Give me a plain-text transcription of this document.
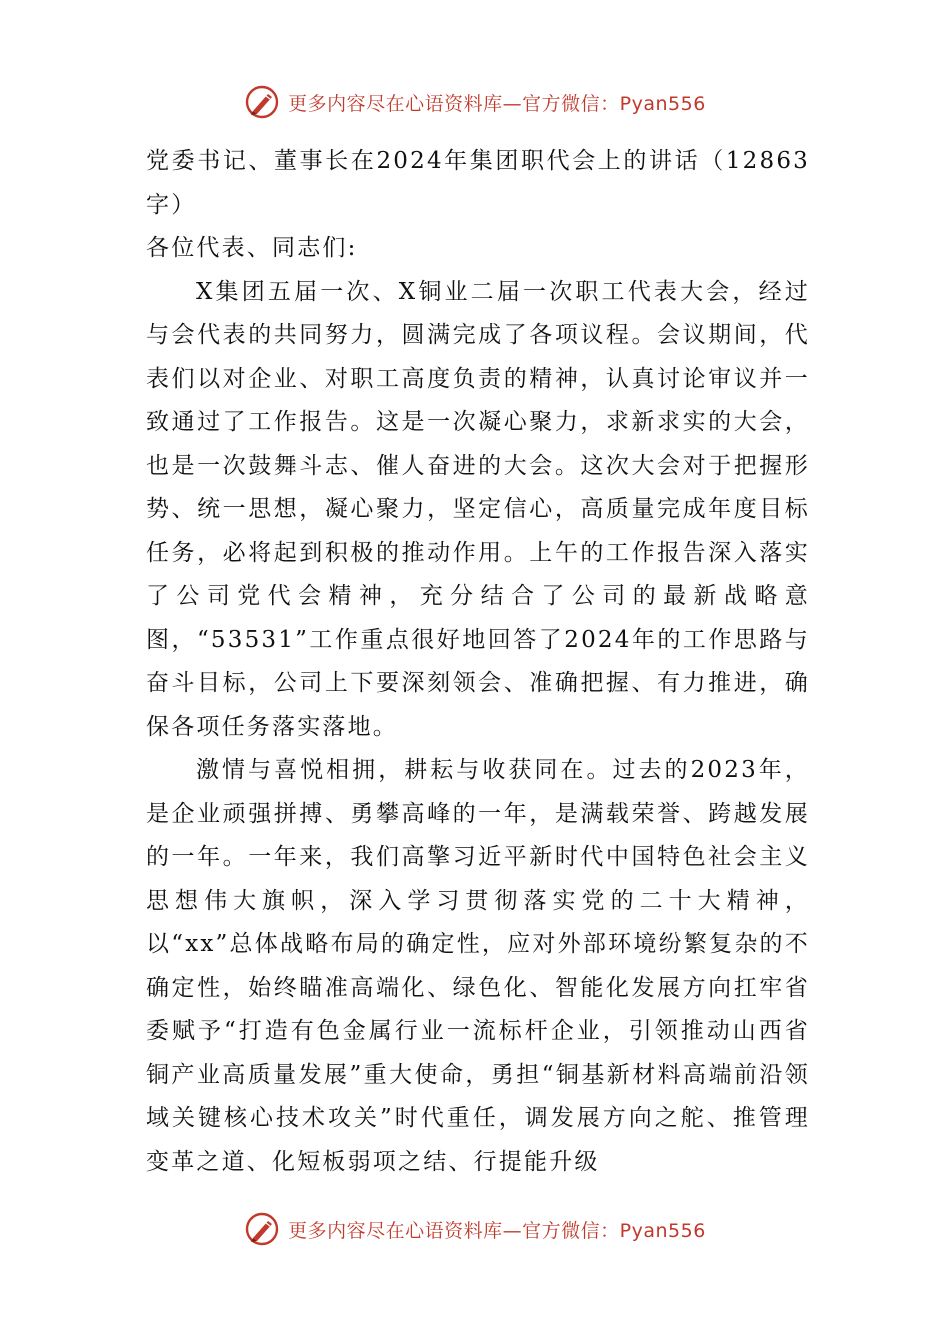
更多内容尽在心语资料库—官方微信：Pyan556

党委书记、董事长在2024年集团职代会上的讲话（12863字）

各位代表、同志们:

X集团五届一次、X铜业二届一次职工代表大会，经过与会代表的共同努力，圆满完成了各项议程。会议期间，代表们以对企业、对职工高度负责的精神，认真讨论审议并一致通过了工作报告。这是一次凝心聚力，求新求实的大会，也是一次鼓舞斗志、催人奋进的大会。这次大会对于把握形势、统一思想，凝心聚力，坚定信心，高质量完成年度目标任务，必将起到积极的推动作用。上午的工作报告深入落实了公司党代会精神，充分结合了公司的最新战略意图，“53531”工作重点很好地回答了2024年的工作思路与奋斗目标，公司上下要深刻领会、准确把握、有力推进，确保各项任务落实落地。

激情与喜悦相拥，耕耘与收获同在。过去的2023年，是企业顽强拼搏、勇攀高峰的一年，是满载荣誉、跨越发展的一年。一年来，我们高擎习近平新时代中国特色社会主义思想伟大旗帜，深入学习贯彻落实党的二十大精神，以“xx”总体战略布局的确定性，应对外部环境纷繁复杂的不确定性，始终瞄准高端化、绿色化、智能化发展方向扛牢省委赋予“打造有色金属行业一流标杆企业，引领推动山西省铜产业高质量发展”重大使命，勇担“铜基新材料高端前沿领域关键核心技术攻关”时代重任，调发展方向之舵、推管理变革之道、化短板弱项之结、行提能升级

更多内容尽在心语资料库—官方微信：Pyan556
